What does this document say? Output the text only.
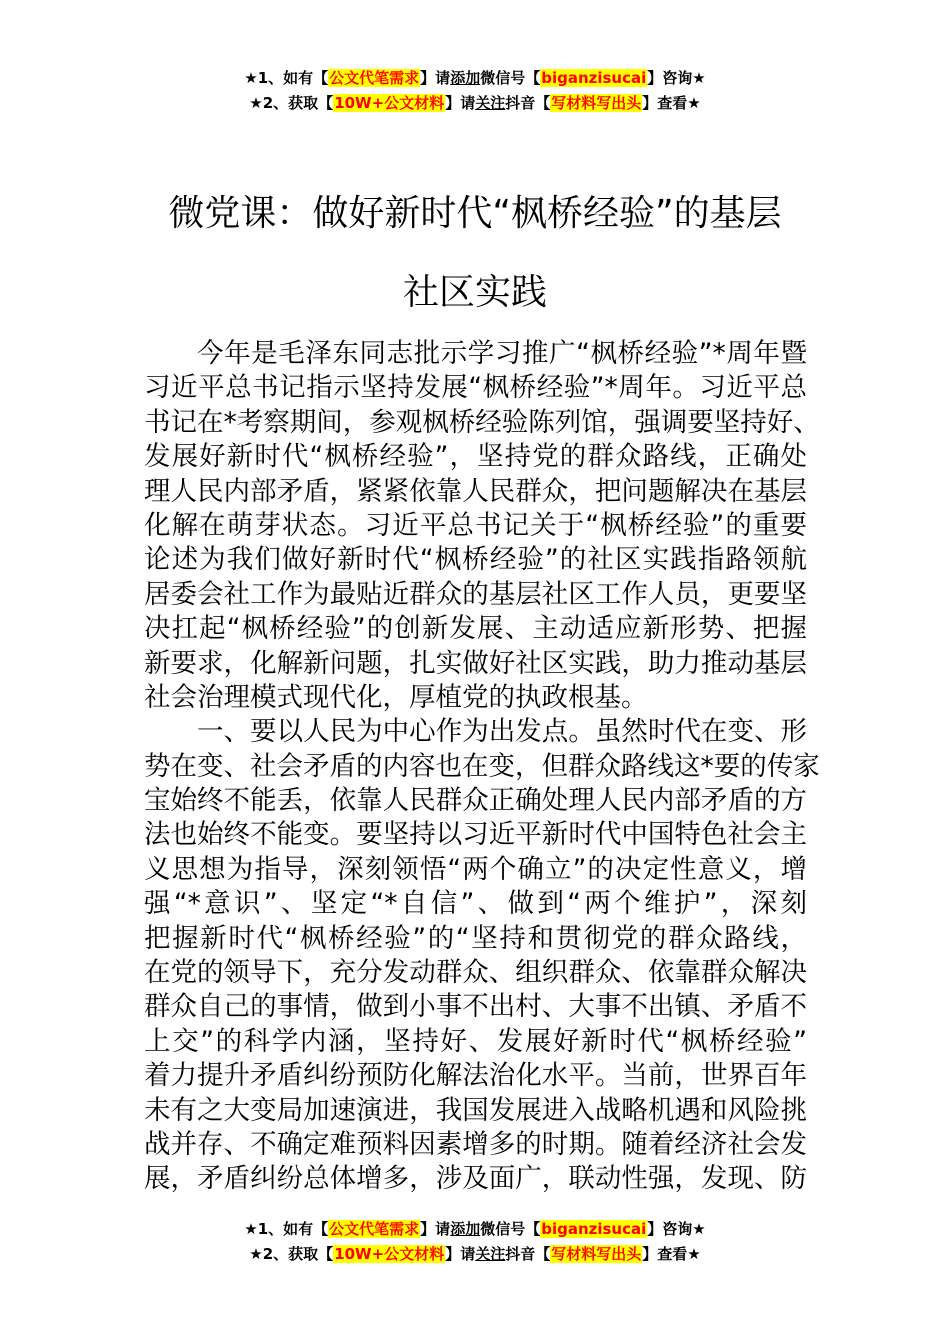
★1、如有【公文代笔需求】请添加微信号【biganzisucai】咨询★
★2、获取【10W+公文材料】请关注抖音【写材料写出头】查看★
微党课：做好新时代“枫桥经验”的基层
社区实践
今年是毛泽东同志批示学习推广“枫桥经验”*周年暨
习近平总书记指示坚持发展“枫桥经验”*周年。习近平总
书记在*考察期间，参观枫桥经验陈列馆，强调要坚持好、
发展好新时代“枫桥经验”，坚持党的群众路线，正确处
理人民内部矛盾，紧紧依靠人民群众，把问题解决在基层
化解在萌芽状态。习近平总书记关于“枫桥经验”的重要
论述为我们做好新时代“枫桥经验”的社区实践指路领航
居委会社工作为最贴近群众的基层社区工作人员，更要坚
决扛起“枫桥经验”的创新发展、主动适应新形势、把握
新要求，化解新问题，扎实做好社区实践，助力推动基层
社会治理模式现代化，厚植党的执政根基。
一、要以人民为中心作为出发点。虽然时代在变、形
势在变、社会矛盾的内容也在变，但群众路线这*要的传家
宝始终不能丢，依靠人民群众正确处理人民内部矛盾的方
法也始终不能变。要坚持以习近平新时代中国特色社会主
义思想为指导，深刻领悟“两个确立”的决定性意义，增
强“*意识”、坚定“*自信”、做到“两个维护”，深刻
把握新时代“枫桥经验”的“坚持和贯彻党的群众路线，
在党的领导下，充分发动群众、组织群众、依靠群众解决
群众自己的事情，做到小事不出村、大事不出镇、矛盾不
上交”的科学内涵，坚持好、发展好新时代“枫桥经验”
着力提升矛盾纠纷预防化解法治化水平。当前，世界百年
未有之大变局加速演进，我国发展进入战略机遇和风险挑
战并存、不确定难预料因素增多的时期。随着经济社会发
展，矛盾纠纷总体增多，涉及面广，联动性强，发现、防
★1、如有【公文代笔需求】请添加微信号【biganzisucai】咨询★
★2、获取【10W+公文材料】请关注抖音【写材料写出头】查看★
